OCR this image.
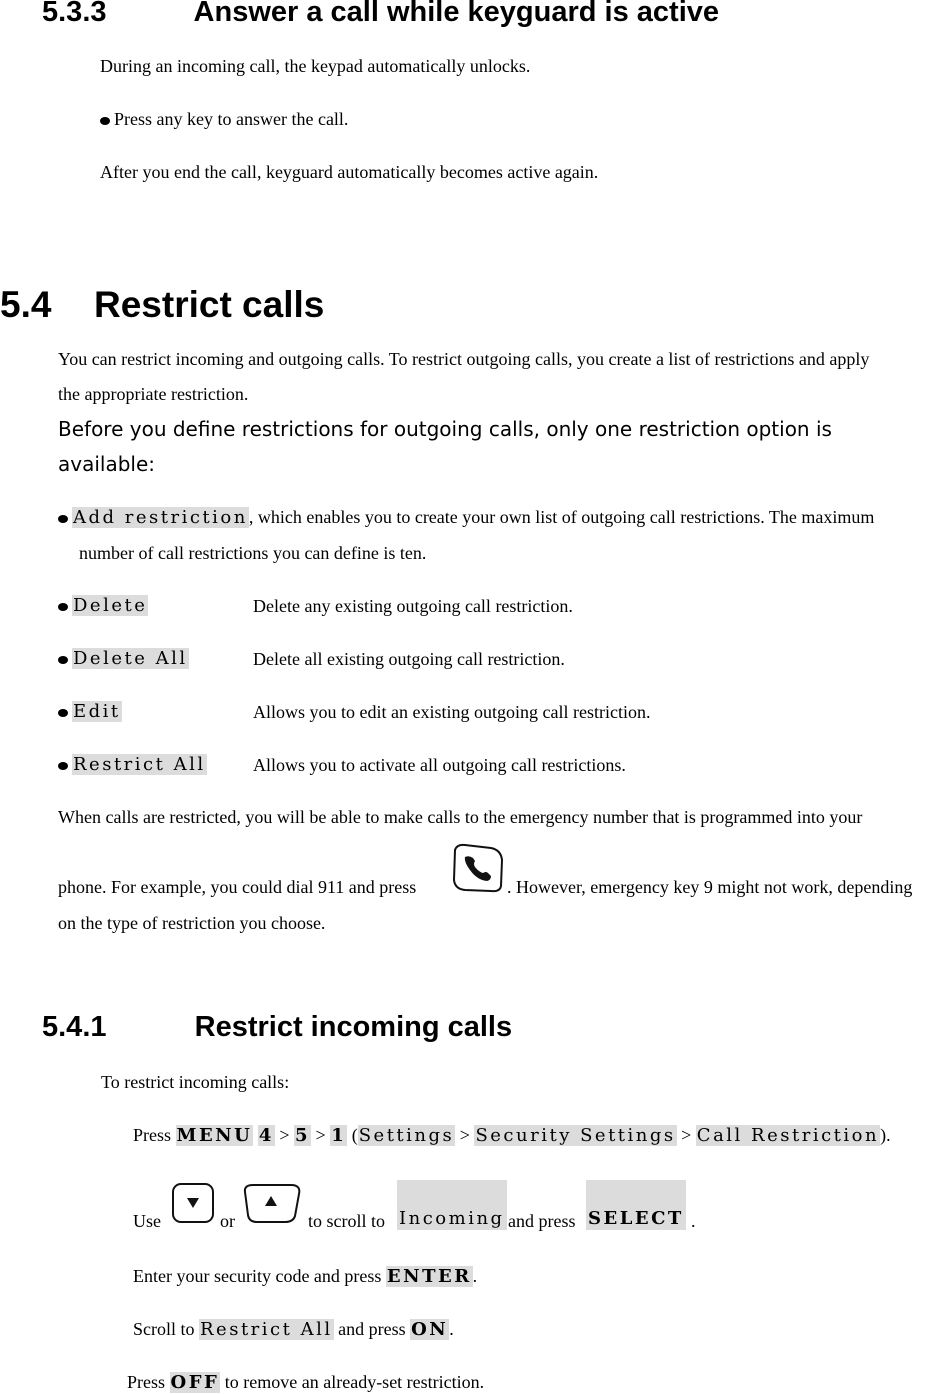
5.3.3	Answer a call while keyguard is active
During an incoming call, the keypad automatically unlocks.
Press any key to answer the call.
After you end the call, keyguard automatically becomes active again.
5.4 Restrict calls
You can restrict incoming and outgoing calls. To restrict outgoing calls, you create a list of restrictions and apply
the appropriate restriction.
Before you define restrictions for outgoing calls, only one restriction option is
available:
Add restriction, which enables you to create your own list of outgoing call restrictions. The maximum
number of call restrictions you can define is ten.
Delete	Delete any existing outgoing call restriction.
Delete All	Delete all existing outgoing call restriction.
Edit	Allows you to edit an existing outgoing call restriction.
Restrict All	Allows you to activate all outgoing call restrictions.
When calls are restricted, you will be able to make calls to the emergency number that is programmed into your
phone. For example, you could dial 911 and press	. However, emergency key 9 might not work, depending
on the type of restriction you choose.
5.4.1	Restrict incoming calls
To restrict incoming calls:
Press MENU 4 > 5 > 1 (Settings > Security Settings > Call Restriction).
Use	or	to scroll to Incoming and press SELECT .
Enter your security code and press ENTER.
Scroll to Restrict All and press ON.
Press OFF to remove an already-set restriction.
